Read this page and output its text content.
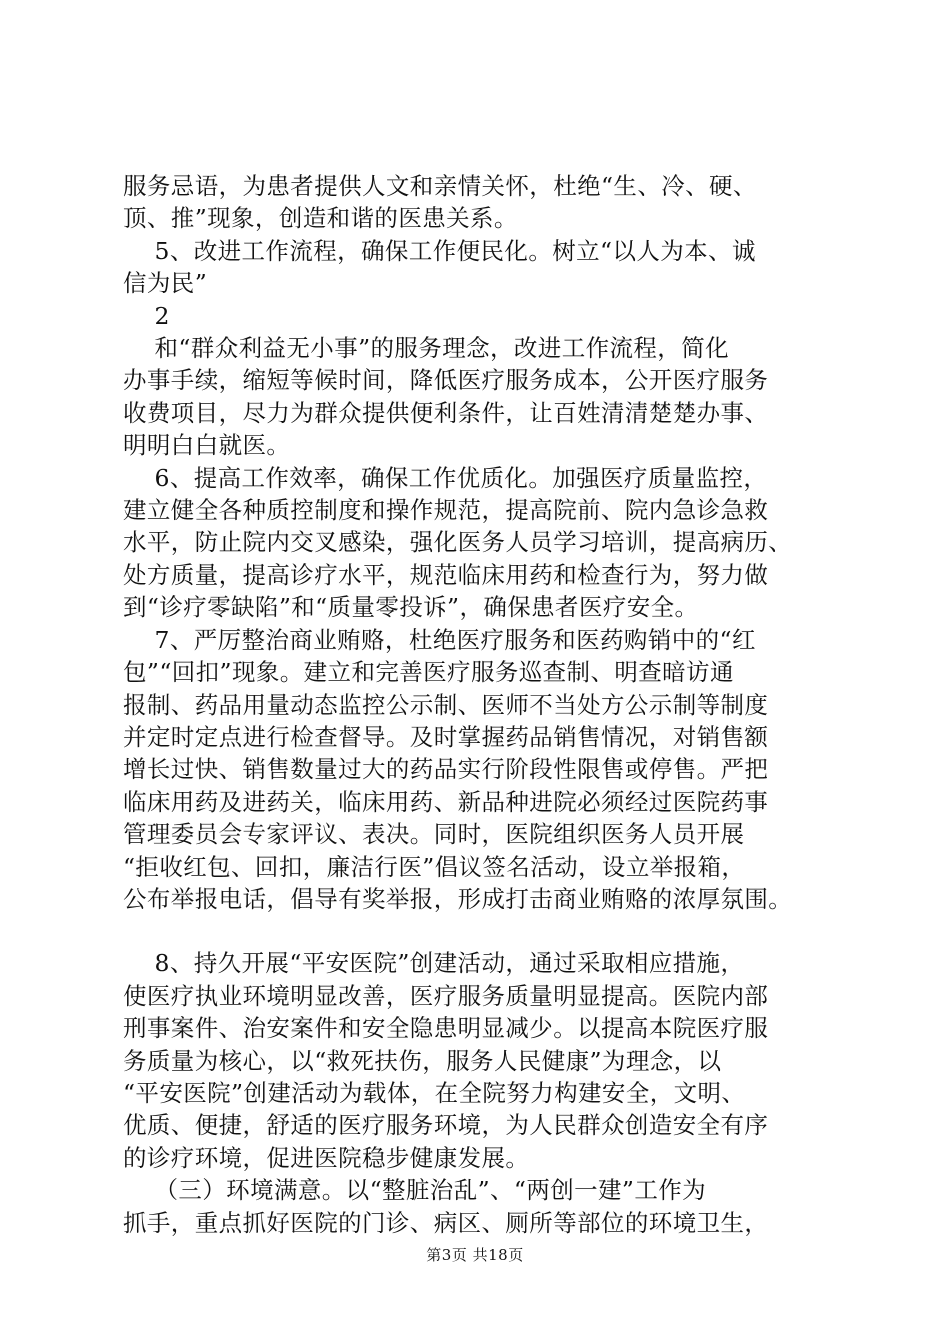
服务忌语，为患者提供人文和亲情关怀，杜绝“生、冷、硬、
顶、推”现象，创造和谐的医患关系。
5、改进工作流程，确保工作便民化。树立“以人为本、诚
信为民”
2
和“群众利益无小事”的服务理念，改进工作流程，简化
办事手续，缩短等候时间，降低医疗服务成本，公开医疗服务
收费项目，尽力为群众提供便利条件，让百姓清清楚楚办事、
明明白白就医。
6、提高工作效率，确保工作优质化。加强医疗质量监控，
建立健全各种质控制度和操作规范，提高院前、院内急诊急救
水平，防止院内交叉感染，强化医务人员学习培训，提高病历、
处方质量，提高诊疗水平，规范临床用药和检查行为，努力做
到“诊疗零缺陷”和“质量零投诉”，确保患者医疗安全。
7、严厉整治商业贿赂，杜绝医疗服务和医药购销中的“红
包”“回扣”现象。建立和完善医疗服务巡查制、明查暗访通
报制、药品用量动态监控公示制、医师不当处方公示制等制度
并定时定点进行检查督导。及时掌握药品销售情况，对销售额
增长过快、销售数量过大的药品实行阶段性限售或停售。严把
临床用药及进药关，临床用药、新品种进院必须经过医院药事
管理委员会专家评议、表决。同时，医院组织医务人员开展
“拒收红包、回扣，廉洁行医”倡议签名活动，设立举报箱，
公布举报电话，倡导有奖举报，形成打击商业贿赂的浓厚氛围。
8、持久开展“平安医院”创建活动，通过采取相应措施，
使医疗执业环境明显改善，医疗服务质量明显提高。医院内部
刑事案件、治安案件和安全隐患明显减少。以提高本院医疗服
务质量为核心，以“救死扶伤，服务人民健康”为理念，以
“平安医院”创建活动为载体，在全院努力构建安全，文明、
优质、便捷，舒适的医疗服务环境，为人民群众创造安全有序
的诊疗环境，促进医院稳步健康发展。
（三）环境满意。以“整脏治乱”、“两创一建”工作为
抓手，重点抓好医院的门诊、病区、厕所等部位的环境卫生，
第3页 共18页
